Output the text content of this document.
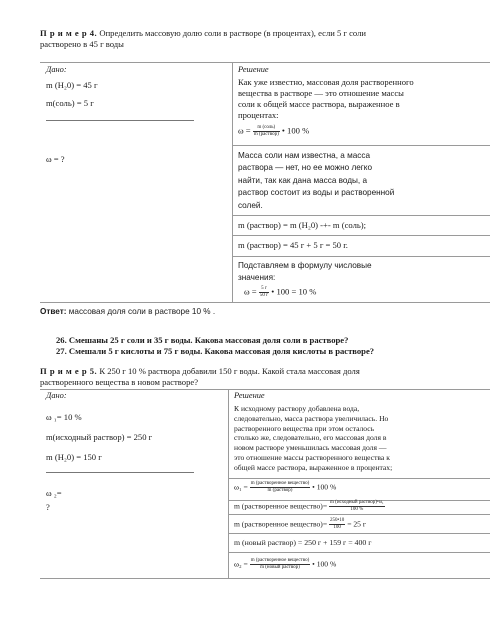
П р и м е р 4. Определить массовую долю соли в растворе (в процентах), если 5 г соли
растворено в 45 г воды
Дано:	Решение
m (H₂0) = 45 г
m(соль) = 5 г
ω = ?
Как уже известно, массовая доля растворенного
вещества в растворе — это отношение массы
соли к общей массе раствора, выраженное в
процентах:
$\omega = \frac{\text{m (соль)}}{\text{m (раствор)}}$ • 100 %
Масса соли нам известна, а масса
раствора — нет, но ее можно легко
найти, так как дана масса воды, а
раствор состоит из воды и растворенной
солей.
m (раствор) = m (H₂0) -+- m (соль);
m (раствор) = 45 г + 5 г = 50 г.
Подставляем в формулу числовые
значения:
$\omega = \frac{5 г}{50 г}$ • 100 = 10 %
Ответ: массовая доля соли в растворе 10 % .
26. Смешаны 25 г соли и 35 г воды. Какова массовая доля соли в растворе?
27. Смешали 5 г кислоты и 75 г воды. Какова массовая доля кислоты в растворе?
П р и м е р 5. К 250 г 10 % раствора добавили 150 г воды. Какой стала массовая доля
растворенного вещества в новом растворе?
Дано:	Решение
ω ₁= 10 %
m(исходный раствор) = 250 г
m (H₂0) = 150 г
ω ₂=
?
К исходному раствору добавлена вода,
следовательно, масса раствора увеличилась. Но
растворенного вещества при этом осталось
столько же, следовательно, его массовая доля в
новом растворе уменьшилась массовая доля —
это отношение массы растворенного вещества к
общей массе раствора, выраженное в процентах;
$\omega_1 = \frac{\text{m (растворенное вещество)}}{\text{m (раствор)}}$ • 100 %
m (растворенное вещество)= $\frac{\text{m (исходный раствор)•ω₁}}{100 \%}$
m (растворенное вещество)= $\frac{250•10}{100} = 25$ г
m (новый раствор) = 250 г + 159 г = 400 г
$\omega_2 = \frac{\text{m (растворенное вещество)}}{\text{m (новый раствор)}}$ • 100 %
